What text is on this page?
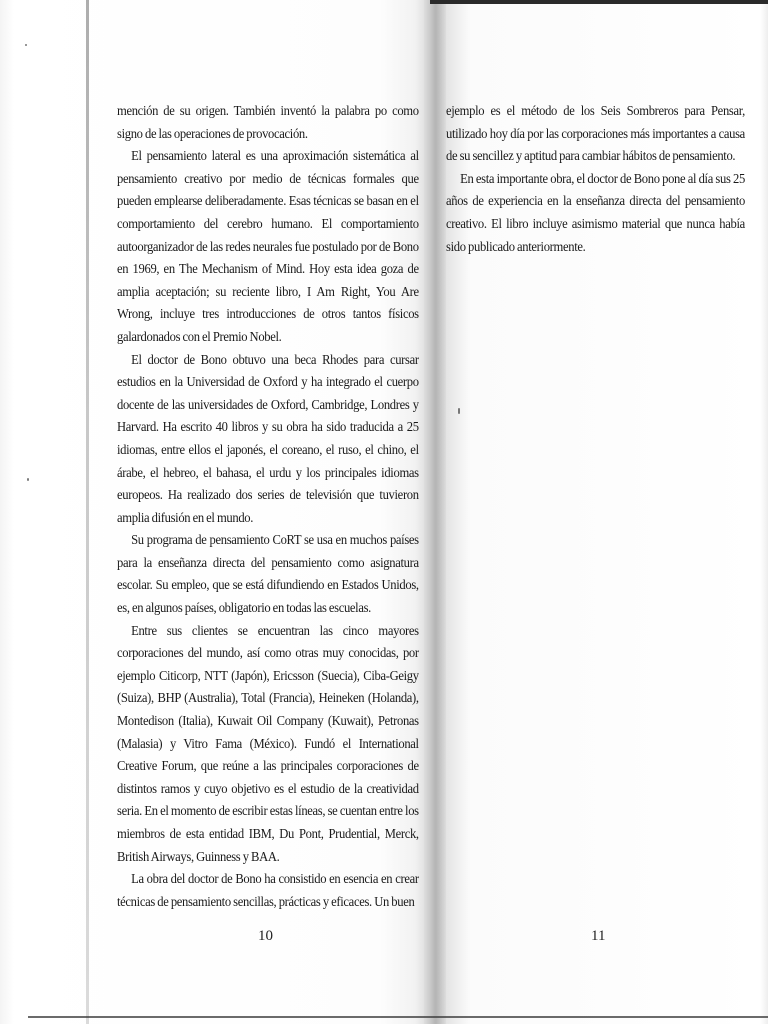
mención de su origen. También inventó la palabra po como signo de las operaciones de provocación.

El pensamiento lateral es una aproximación sistemática al pensamiento creativo por medio de técnicas formales que pueden emplearse deliberadamente. Esas técnicas se basan en el comportamiento del cerebro humano. El comportamiento autoorganizador de las redes neurales fue postulado por de Bono en 1969, en The Mechanism of Mind. Hoy esta idea goza de amplia aceptación; su reciente libro, I Am Right, You Are Wrong, incluye tres introducciones de otros tantos físicos galardonados con el Premio Nobel.

El doctor de Bono obtuvo una beca Rhodes para cursar estudios en la Universidad de Oxford y ha integrado el cuerpo docente de las universidades de Oxford, Cambridge, Londres y Harvard. Ha escrito 40 libros y su obra ha sido traducida a 25 idiomas, entre ellos el japonés, el coreano, el ruso, el chino, el árabe, el hebreo, el bahasa, el urdu y los principales idiomas europeos. Ha realizado dos series de televisión que tuvieron amplia difusión en el mundo.

Su programa de pensamiento CoRT se usa en muchos países para la enseñanza directa del pensamiento como asignatura escolar. Su empleo, que se está difundiendo en Estados Unidos, es, en algunos países, obligatorio en todas las escuelas.

Entre sus clientes se encuentran las cinco mayores corporaciones del mundo, así como otras muy conocidas, por ejemplo Citicorp, NTT (Japón), Ericsson (Suecia), Ciba-Geigy (Suiza), BHP (Australia), Total (Francia), Heineken (Holanda), Montedison (Italia), Kuwait Oil Company (Kuwait), Petronas (Malasia) y Vitro Fama (México). Fundó el International Creative Forum, que reúne a las principales corporaciones de distintos ramos y cuyo objetivo es el estudio de la creatividad seria. En el momento de escribir estas líneas, se cuentan entre los miembros de esta entidad IBM, Du Pont, Prudential, Merck, British Airways, Guinness y BAA.

La obra del doctor de Bono ha consistido en esencia en crear técnicas de pensamiento sencillas, prácticas y eficaces. Un buen

10

ejemplo es el método de los Seis Sombreros para Pensar, utilizado hoy día por las corporaciones más importantes a causa de su sencillez y aptitud para cambiar hábitos de pensamiento.

En esta importante obra, el doctor de Bono pone al día sus 25 años de experiencia en la enseñanza directa del pensamiento creativo. El libro incluye asimismo material que nunca había sido publicado anteriormente.

11
